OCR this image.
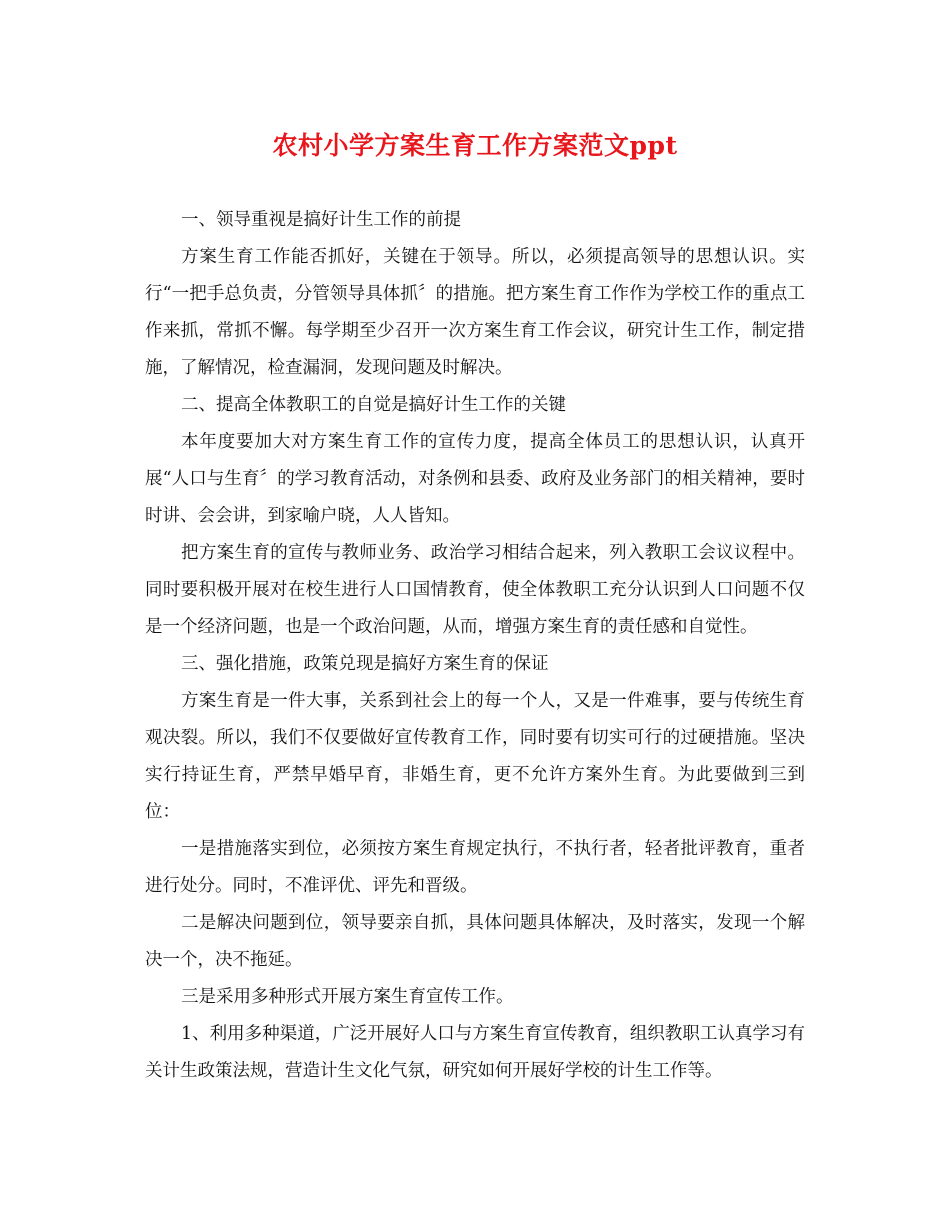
农村小学方案生育工作方案范文ppt

一、领导重视是搞好计生工作的前提

方案生育工作能否抓好，关键在于领导。所以，必须提高领导的思想认识。实行“一把手总负责，分管领导具体抓〞的措施。把方案生育工作作为学校工作的重点工作来抓，常抓不懈。每学期至少召开一次方案生育工作会议，研究计生工作，制定措施，了解情况，检查漏洞，发现问题及时解决。

二、提高全体教职工的自觉是搞好计生工作的关键

本年度要加大对方案生育工作的宣传力度，提高全体员工的思想认识，认真开展“人口与生育〞的学习教育活动，对条例和县委、政府及业务部门的相关精神，要时时讲、会会讲，到家喻户晓，人人皆知。

把方案生育的宣传与教师业务、政治学习相结合起来，列入教职工会议议程中。同时要积极开展对在校生进行人口国情教育，使全体教职工充分认识到人口问题不仅是一个经济问题，也是一个政治问题，从而，增强方案生育的责任感和自觉性。

三、强化措施，政策兑现是搞好方案生育的保证

方案生育是一件大事，关系到社会上的每一个人，又是一件难事，要与传统生育观决裂。所以，我们不仅要做好宣传教育工作，同时要有切实可行的过硬措施。坚决实行持证生育，严禁早婚早育，非婚生育，更不允许方案外生育。为此要做到三到位：

一是措施落实到位，必须按方案生育规定执行，不执行者，轻者批评教育，重者进行处分。同时，不准评优、评先和晋级。

二是解决问题到位，领导要亲自抓，具体问题具体解决，及时落实，发现一个解决一个，决不拖延。

三是采用多种形式开展方案生育宣传工作。

1、利用多种渠道，广泛开展好人口与方案生育宣传教育，组织教职工认真学习有关计生政策法规，营造计生文化气氛，研究如何开展好学校的计生工作等。
